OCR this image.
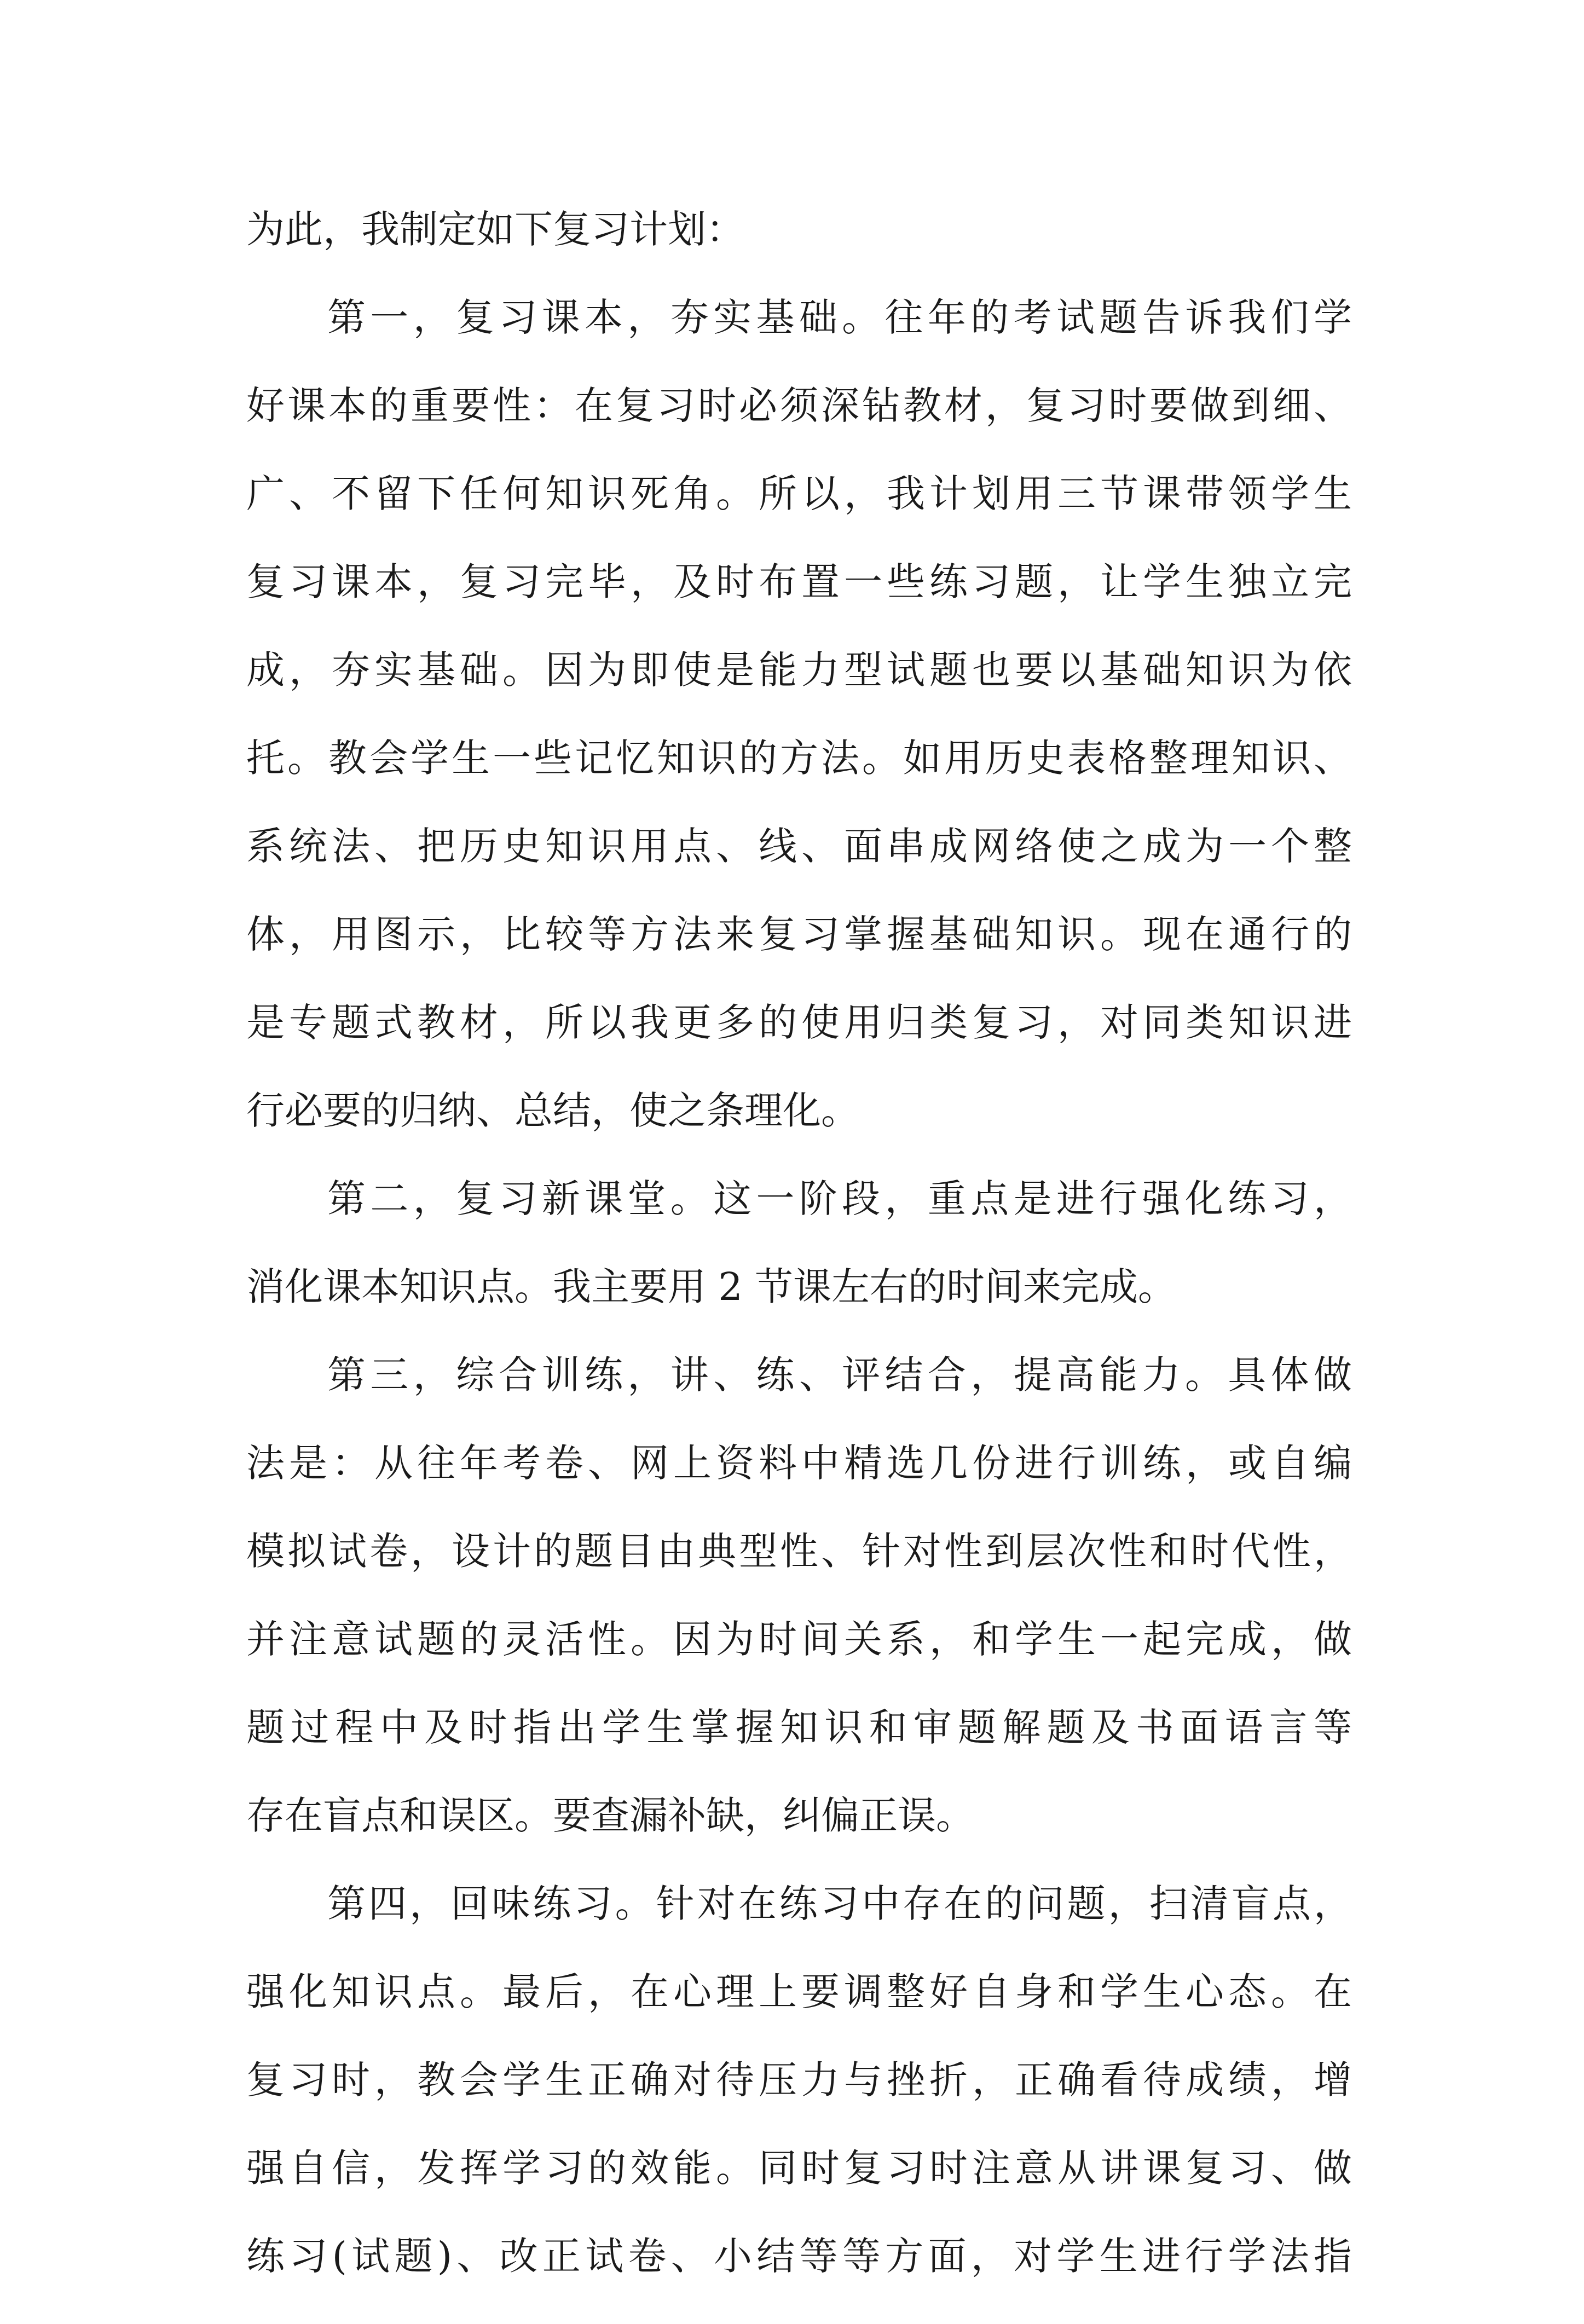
为此，我制定如下复习计划：
第一，复习课本，夯实基础。往年的考试题告诉我们学
好课本的重要性：在复习时必须深钻教材，复习时要做到细、
广、不留下任何知识死角。所以，我计划用三节课带领学生
复习课本，复习完毕，及时布置一些练习题，让学生独立完
成，夯实基础。因为即使是能力型试题也要以基础知识为依
托。教会学生一些记忆知识的方法。如用历史表格整理知识、
系统法、把历史知识用点、线、面串成网络使之成为一个整
体，用图示，比较等方法来复习掌握基础知识。现在通行的
是专题式教材，所以我更多的使用归类复习，对同类知识进
行必要的归纳、总结，使之条理化。
第二，复习新课堂。这一阶段，重点是进行强化练习，
消化课本知识点。我主要用 2 节课左右的时间来完成。
第三，综合训练，讲、练、评结合，提高能力。具体做
法是：从往年考卷、网上资料中精选几份进行训练，或自编
模拟试卷，设计的题目由典型性、针对性到层次性和时代性，
并注意试题的灵活性。因为时间关系，和学生一起完成，做
题过程中及时指出学生掌握知识和审题解题及书面语言等
存在盲点和误区。要查漏补缺，纠偏正误。
第四，回味练习。针对在练习中存在的问题，扫清盲点，
强化知识点。最后，在心理上要调整好自身和学生心态。在
复习时，教会学生正确对待压力与挫折，正确看待成绩，增
强自信，发挥学习的效能。同时复习时注意从讲课复习、做
练习(试题)、改正试卷、小结等等方面，对学生进行学法指
